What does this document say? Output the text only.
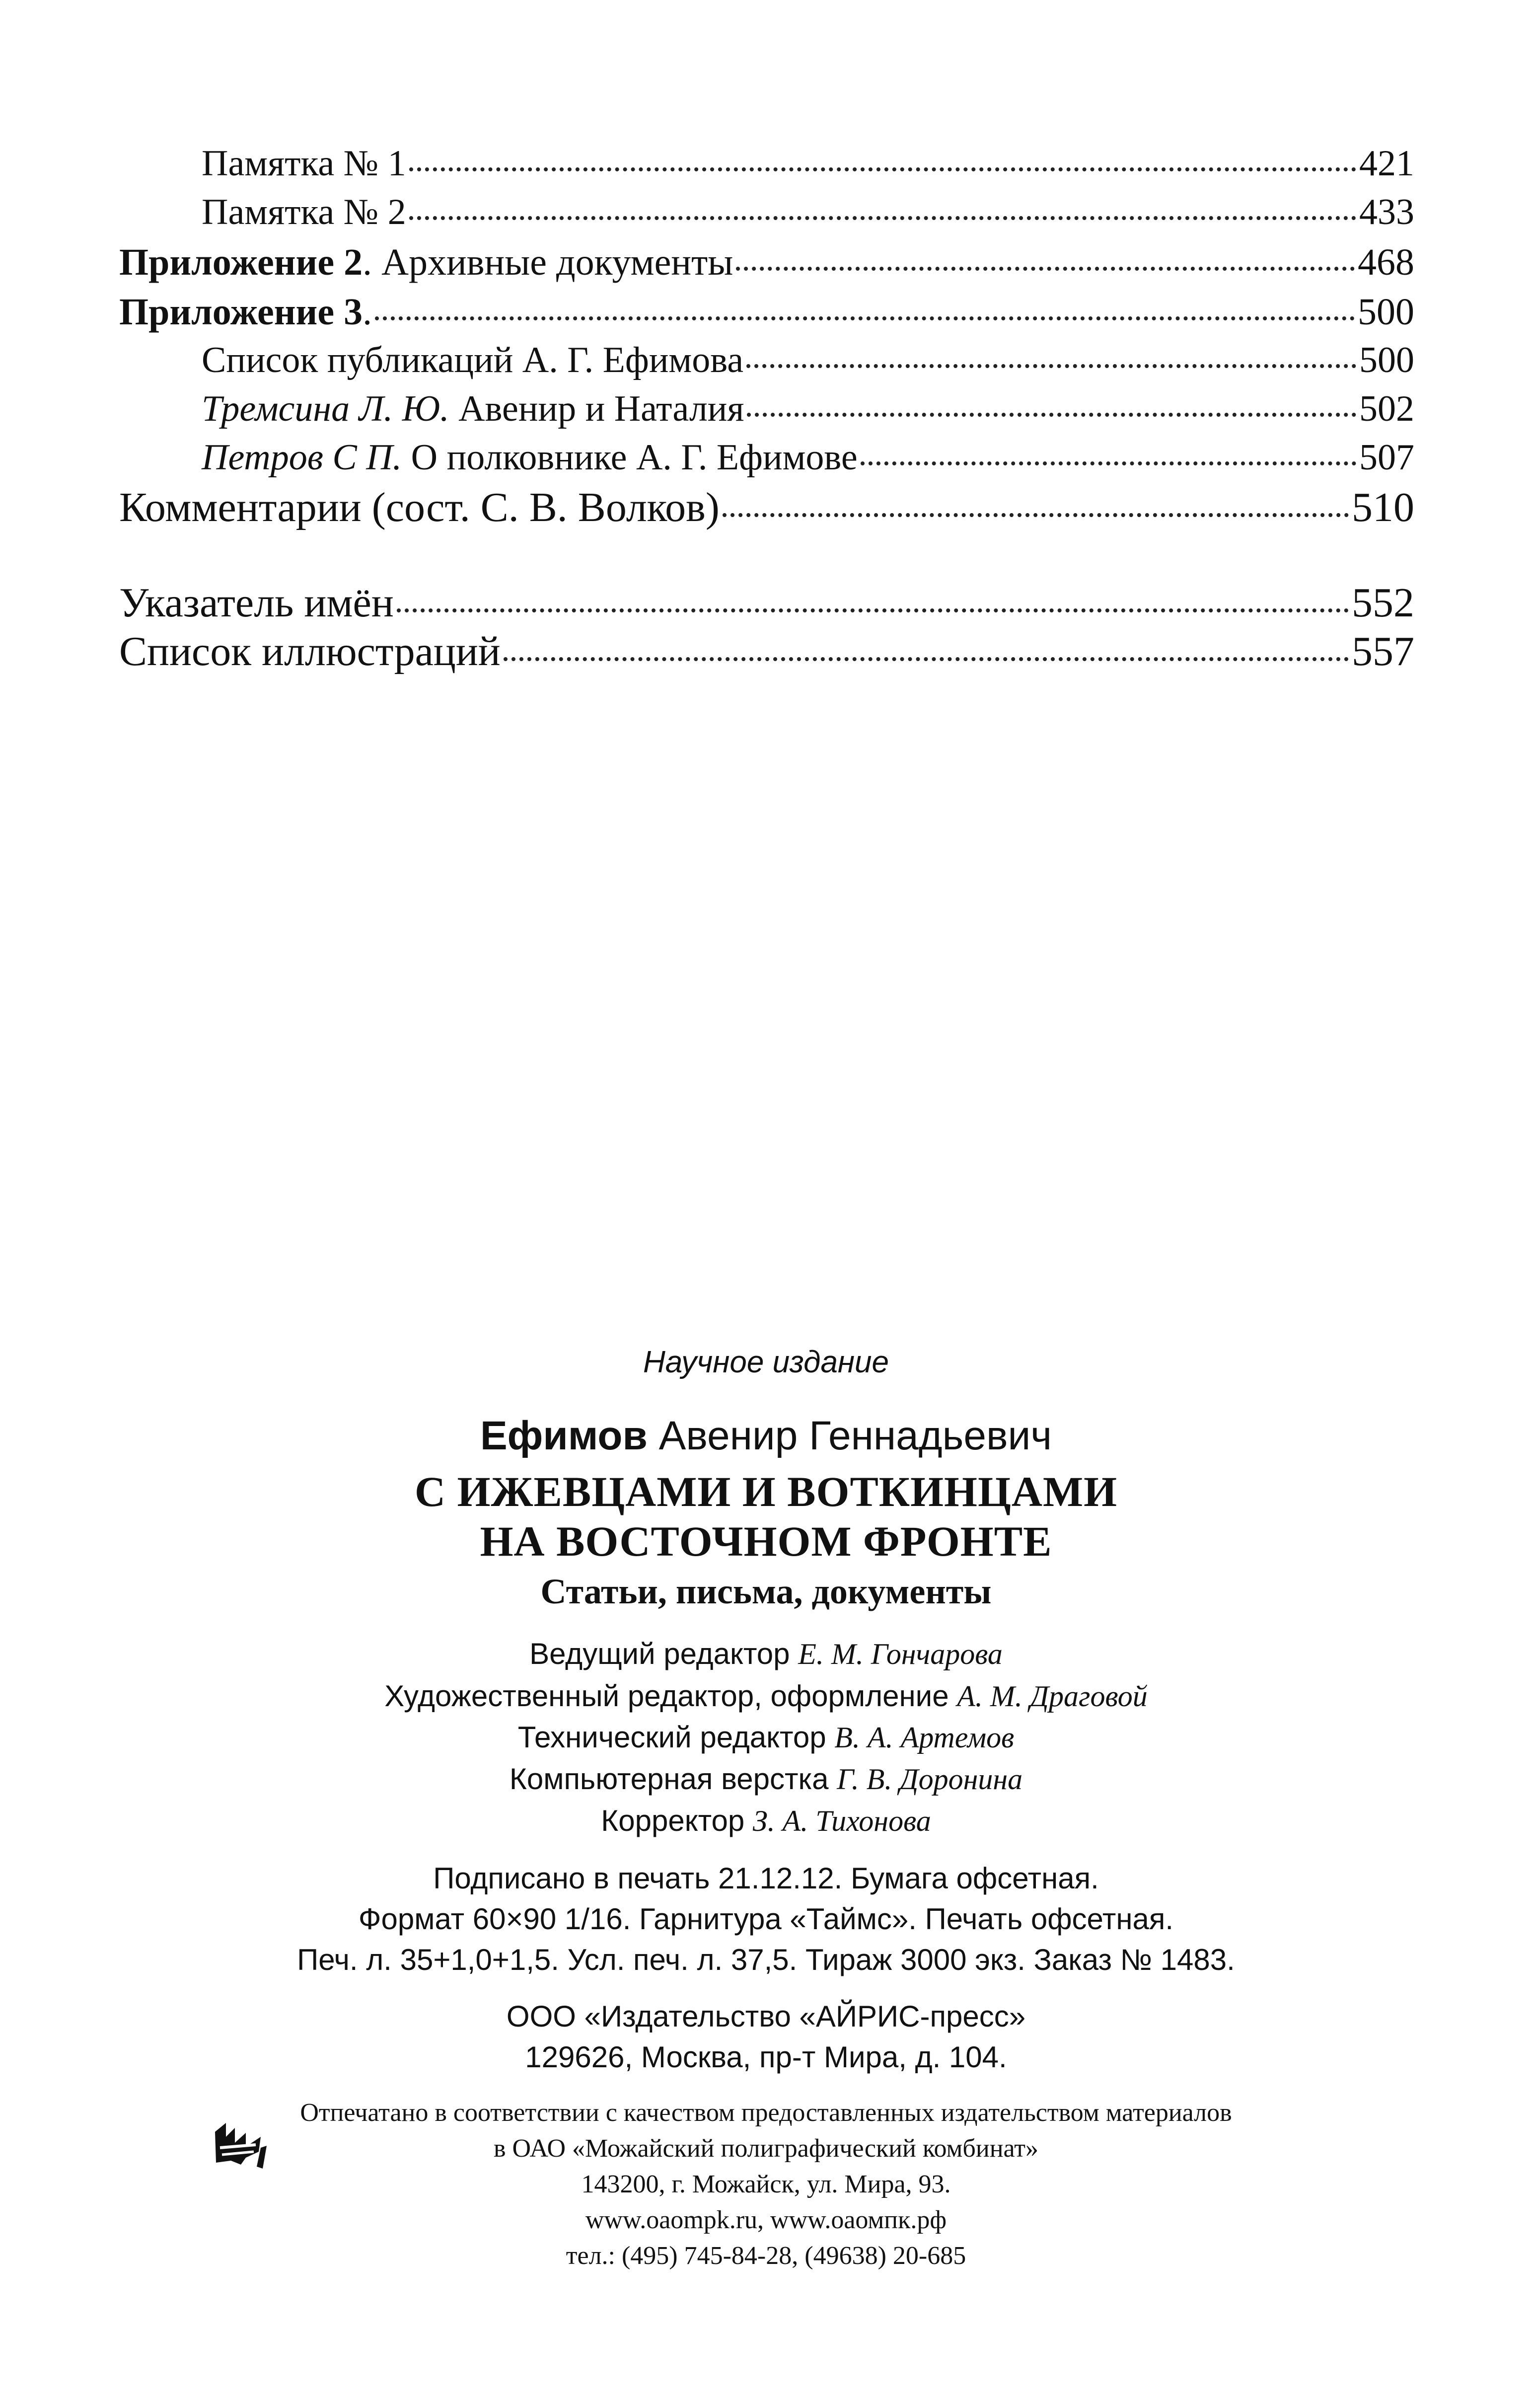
Памятка № 1	421
Памятка № 2	433
Приложение 2. Архивные документы	468
Приложение 3.	500
Список публикаций А. Г. Ефимова	500
Тремсина Л. Ю. Авенир и Наталия	502
Петров С П. О полковнике А. Г. Ефимове	507
Комментарии (сост. С. В. Волков)	510
Указатель имён	552
Список иллюстраций	557
Научное издание
Ефимов Авенир Геннадьевич
С ИЖЕВЦАМИ И ВОТКИНЦАМИ
НА ВОСТОЧНОМ ФРОНТЕ
Статьи, письма, документы
Ведущий редактор Е. М. Гончарова
Художественный редактор, оформление А. М. Драговой
Технический редактор В. А. Артемов
Компьютерная верстка Г. В. Доронина
Корректор З. А. Тихонова
Подписано в печать 21.12.12. Бумага офсетная.
Формат 60×90 1/16. Гарнитура «Таймс». Печать офсетная.
Печ. л. 35+1,0+1,5. Усл. печ. л. 37,5. Тираж 3000 экз. Заказ № 1483.
ООО «Издательство «АЙРИС-пресс»
129626, Москва, пр-т Мира, д. 104.
Отпечатано в соответствии с качеством предоставленных издательством материалов
в ОАО «Можайский полиграфический комбинат»
143200, г. Можайск, ул. Мира, 93.
www.oaompk.ru, www.оаомпк.рф
тел.: (495) 745-84-28, (49638) 20-685
